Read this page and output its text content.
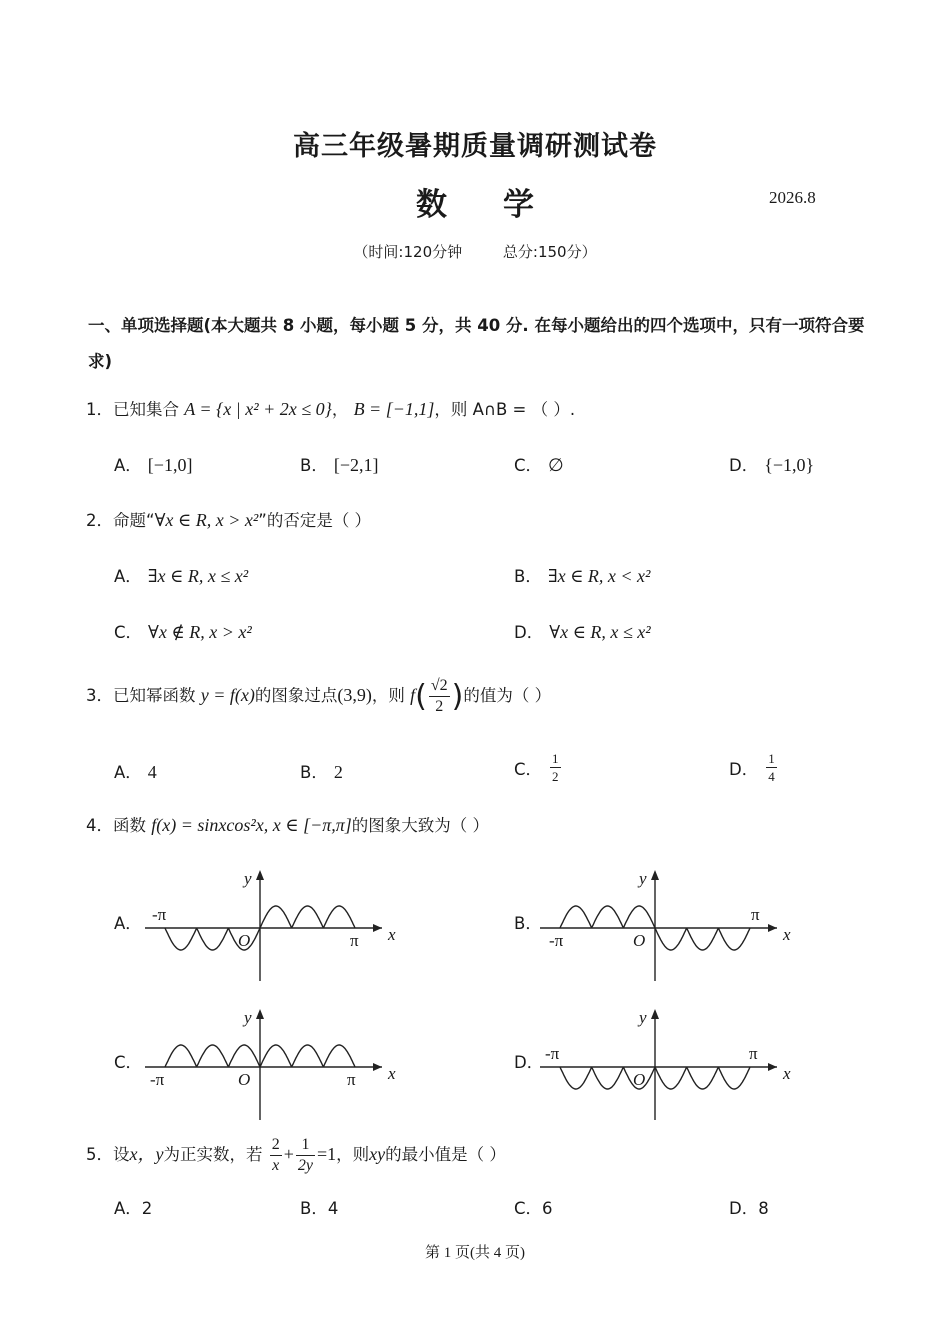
高三年级暑期质量调研测试卷
数学	2026.8
（时间:120分钟	总分:150分）
一、单项选择题(本大题共 8 小题，每小题 5 分，共 40 分. 在每小题给出的四个选项中，只有一项符合要求)
1．已知集合 A = {x | x² + 2x ≤ 0}， B = [−1,1]，则 A∩B = （ ）.
A． [−1,0]	B． [−2,1]	C． ∅	D． {−1,0}
2．命题“∀x ∈ R, x > x²”的否定是（ ）
A． ∃x ∈ R, x ≤ x²	B． ∃x ∈ R, x < x²
C． ∀x ∉ R, x > x²	D． ∀x ∈ R, x ≤ x²
3．已知幂函数 y = f(x)的图象过点(3,9)，则 $f( \frac{√2}{2}$ )的值为（ ）
A． 4	B． 2	C． $\frac{1}{2}$	D． $\frac{1}{4}$
4．函数 f(x) = sinxcos²x, x ∈ [−π,π]的图象大致为（ ）
A．	B．
C．	D．
-π
π
O	x
y
-π
π
O	x
y
-π	π
O	x
y
-π	π
O	x
y
5．设x，y为正实数，若 $\frac{2}{x} + \frac{1}{2y} =1$，则xy的最小值是（ ）
A．2	B．4	C．6	D．8
第 1 页(共 4 页)
